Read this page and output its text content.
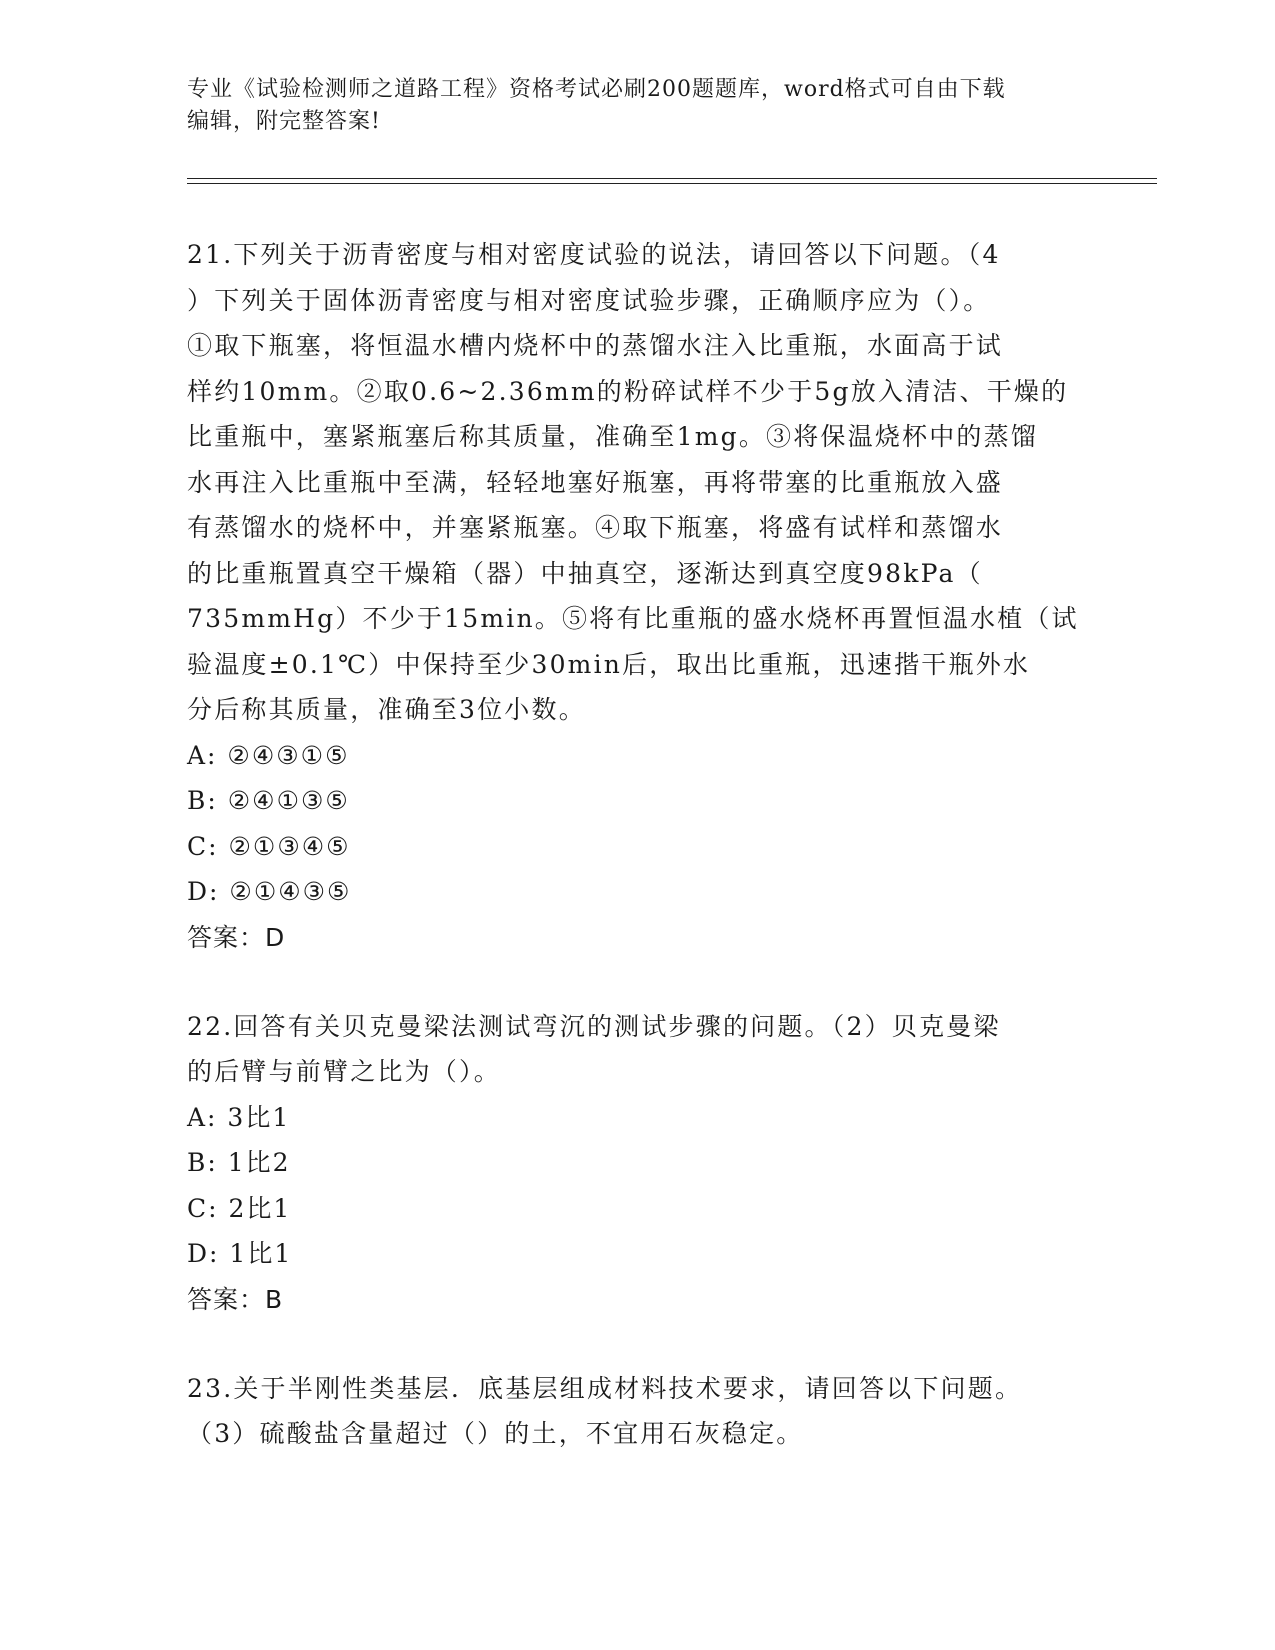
专业《试验检测师之道路工程》资格考试必刷200题题库，word格式可自由下载
编辑，附完整答案!

21.下列关于沥青密度与相对密度试验的说法，请回答以下问题。（4

）下列关于固体沥青密度与相对密度试验步骤，正确顺序应为（）。

①取下瓶塞，将恒温水槽内烧杯中的蒸馏水注入比重瓶，水面高于试

样约10mm。②取0.6~2.36mm的粉碎试样不少于5g放入清洁、干燥的

比重瓶中，塞紧瓶塞后称其质量，准确至1mg。③将保温烧杯中的蒸馏

水再注入比重瓶中至满，轻轻地塞好瓶塞，再将带塞的比重瓶放入盛

有蒸馏水的烧杯中，并塞紧瓶塞。④取下瓶塞，将盛有试样和蒸馏水

的比重瓶置真空干燥箱（器）中抽真空，逐渐达到真空度98kPa（

735mmHg）不少于15min。⑤将有比重瓶的盛水烧杯再置恒温水植（试

验温度±0.1℃）中保持至少30min后，取出比重瓶，迅速揩干瓶外水

分后称其质量，准确至3位小数。

A: ②④③①⑤

B: ②④①③⑤

C: ②①③④⑤

D: ②①④③⑤

答案：D

22.回答有关贝克曼梁法测试弯沉的测试步骤的问题。（2）贝克曼梁

的后臂与前臂之比为（）。

A: 3比1

B: 1比2

C: 2比1

D: 1比1

答案：B

23.关于半刚性类基层．底基层组成材料技术要求，请回答以下问题。

（3）硫酸盐含量超过（）的土，不宜用石灰稳定。
